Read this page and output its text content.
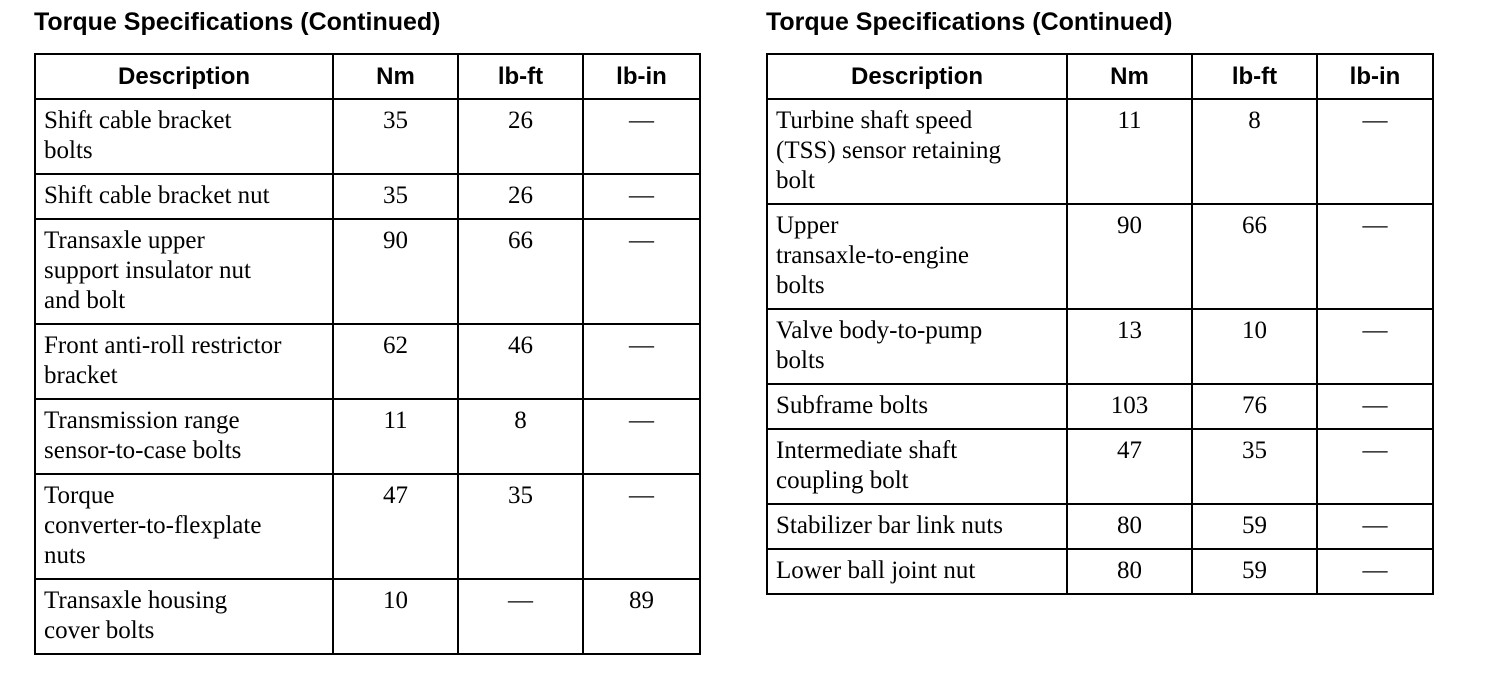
Torque Specifications (Continued)
Description	Nm	lb-ft	lb-in

Shift cable bracket
bolts	35	26	—

Shift cable bracket nut	35	26	—

Transaxle upper
support insulator nut
and bolt	90	66	—

Front anti-roll restrictor
bracket	62	46	—

Transmission range
sensor-to-case bolts	11	8	—

Torque
converter-to-flexplate
nuts	47	35	—

Transaxle housing
cover bolts	10	—	89
Torque Specifications (Continued)
Description	Nm	lb-ft	lb-in

Turbine shaft speed
(TSS) sensor retaining
bolt	11	8	—

Upper
transaxle-to-engine
bolts	90	66	—

Valve body-to-pump
bolts	13	10	—

Subframe bolts	103	76	—

Intermediate shaft
coupling bolt	47	35	—

Stabilizer bar link nuts	80	59	—

Lower ball joint nut	80	59	—
